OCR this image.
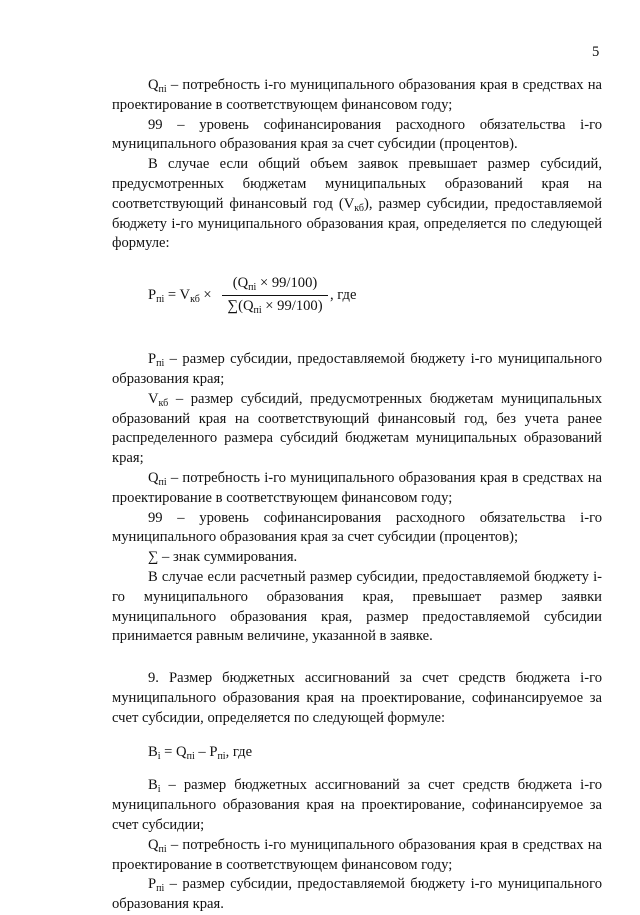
5

$Q_{пi}$ – потребность i-го муниципального образования края в средствах на проектирование в соответствующем финансовом году;

99 – уровень софинансирования расходного обязательства i-го муниципального образования края за счет субсидии (процентов).

В случае если общий объем заявок превышает размер субсидий, предусмотренных бюджетам муниципальных образований края на соответствующий финансовый год $(V_{кб})$, размер субсидии, предоставляемой бюджету i-го муниципального образования края, определяется по следующей формуле:

$P_{пi} = V_{кб}$ ×
$(Q_{пi} \times 99/100)$
$\sum(Q_{пi} \times 99/100)$
, где

$P_{пi}$ – размер субсидии, предоставляемой бюджету i-го муниципального образования края;

$V_{кб}$ – размер субсидий, предусмотренных бюджетам муниципальных образований края на соответствующий финансовый год, без учета ранее распределенного размера субсидий бюджетам муниципальных образований края;

$Q_{пi}$ – потребность i-го муниципального образования края в средствах на проектирование в соответствующем финансовом году;

99 – уровень софинансирования расходного обязательства i-го муниципального образования края за счет субсидии (процентов);

∑ – знак суммирования.

В случае если расчетный размер субсидии, предоставляемой бюджету i-го муниципального образования края, превышает размер заявки муниципального образования края, размер предоставляемой субсидии принимается равным величине, указанной в заявке.

9. Размер бюджетных ассигнований за счет средств бюджета i-го муниципального образования края на проектирование, софинансируемое за счет субсидии, определяется по следующей формуле:

$B_i = Q_{пi} - P_{пi}$, где

$B_i$ – размер бюджетных ассигнований за счет средств бюджета i-го муниципального образования края на проектирование, софинансируемое за счет субсидии;

$Q_{пi}$ – потребность i-го муниципального образования края в средствах на проектирование в соответствующем финансовом году;

$P_{пi}$ – размер субсидии, предоставляемой бюджету i-го муниципального образования края.
